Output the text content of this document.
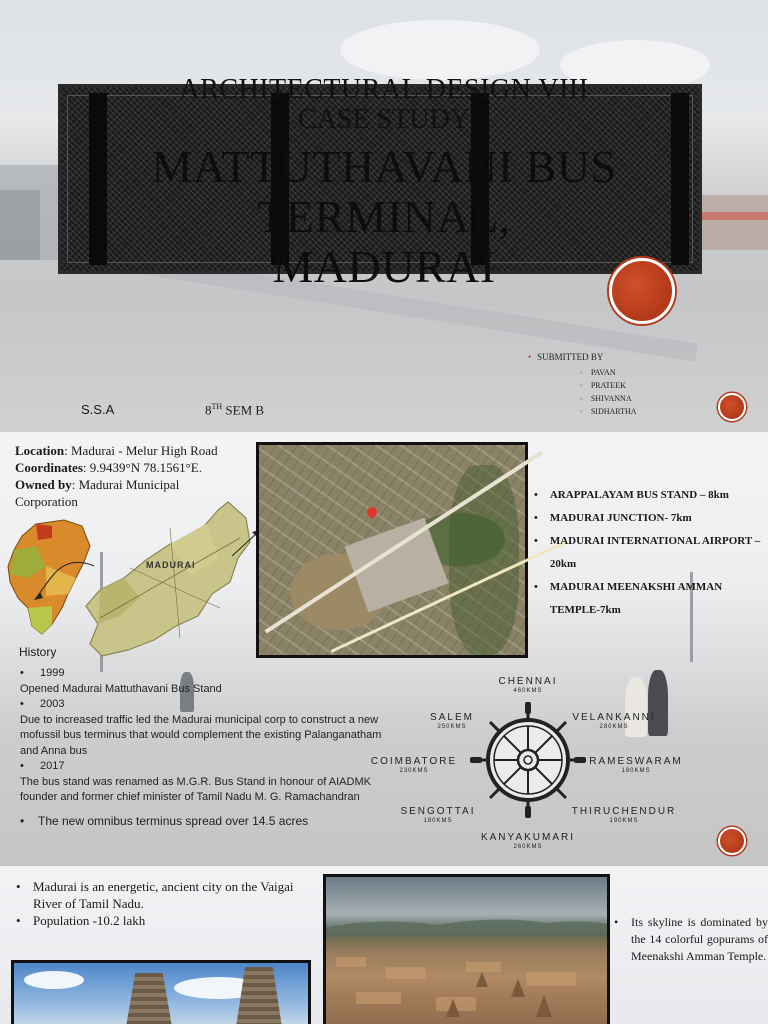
ARCHITECTURAL DESIGN VIII
CASE STUDY
MATTUTHAVANI BUS
TERMINAL,
MADURAI
• SUBMITTED BY
◦ PAVAN
◦ PRATEEK
◦ SHIVANNA
◦ SIDHARTHA
S.S.A	8TH SEM B
Location: Madurai - Melur High Road Coordinates: 9.9439°N 78.1561°E. Owned by: Madurai Municipal Corporation
MADURAI
• ARAPPALAYAM BUS STAND – 8km
• MADURAI JUNCTION- 7km
• MADURAI INTERNATIONAL AIRPORT – 20km
• MADURAI MEENAKSHI AMMAN TEMPLE-7km
History
• 1999
Opened Madurai Mattuthavani Bus Stand
• 2003
Due to increased traffic led the Madurai municipal corp to construct a new mofussil bus terminus that would complement the existing Palanganatham and Anna bus
• 2017
The bus stand was renamed as M.G.R. Bus Stand in honour of AIADMK founder and former chief minister of Tamil Nadu M. G. Ramachandran
• The new omnibus terminus spread over 14.5 acres
CHENNAI
460KMS
SALEM
250KMS
VELANKANNI
280KMS
COIMBATORE
230KMS
RAMESWARAM
180KMS
SENGOTTAI
180KMS
THIRUCHENDUR
190KMS
KANYAKUMARI
260KMS
• Madurai is an energetic, ancient city on the Vaigai River of Tamil Nadu.
• Population -10.2 lakh
•	Its skyline is dominated by the 14 colorful gopurams of Meenakshi Amman Temple.
